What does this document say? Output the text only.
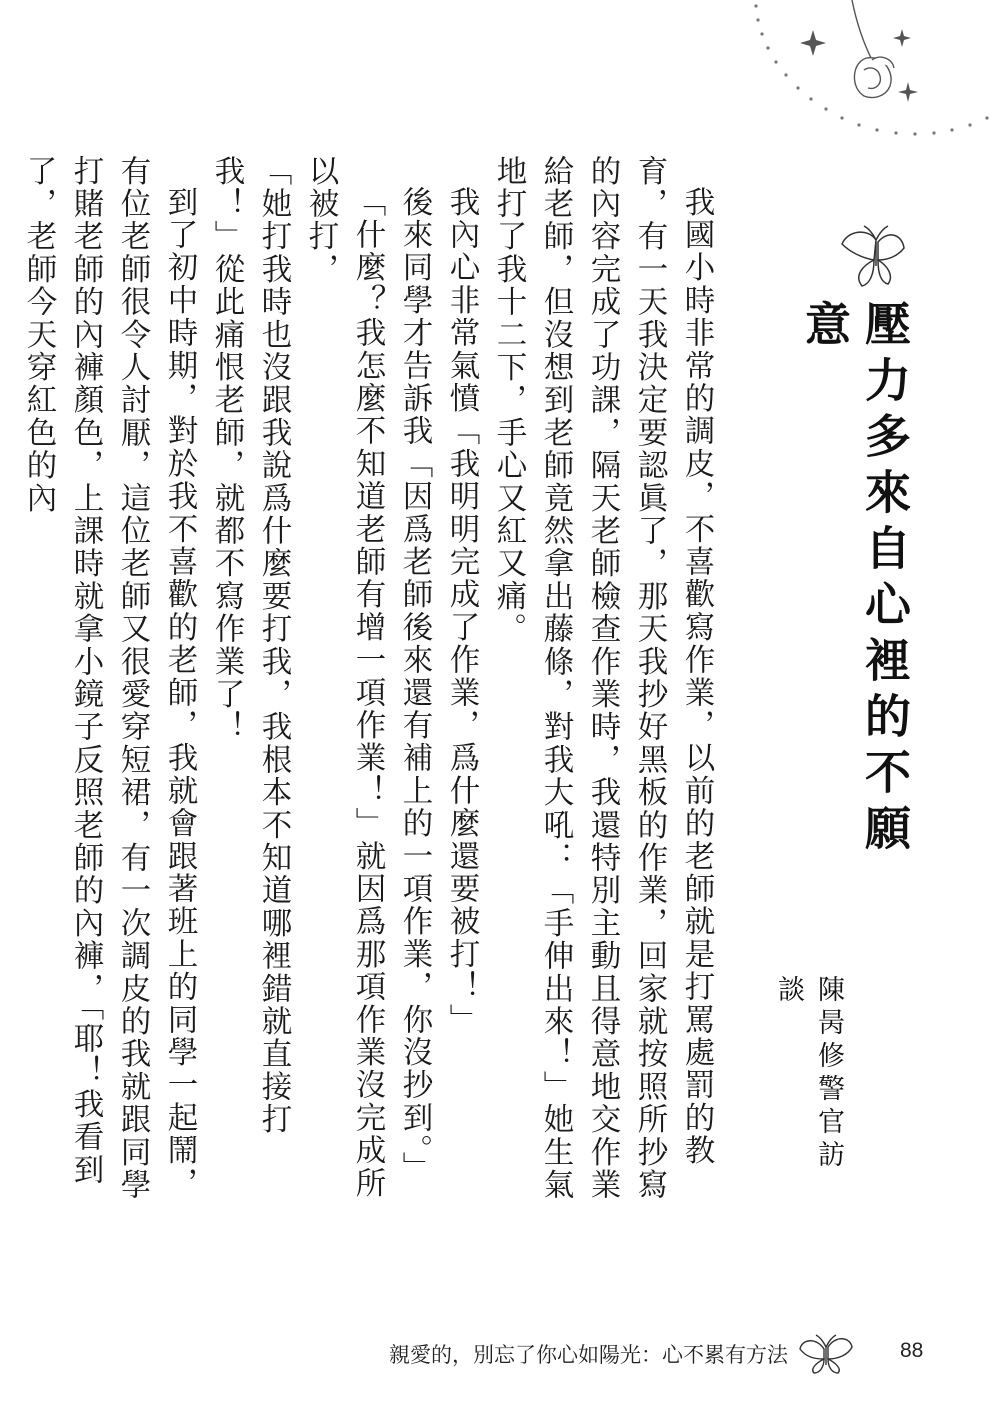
壓力多來自心裡的不願意
陳昺修警官訪談

我國小時非常的調皮，不喜歡寫作業，以前的老師就是打罵處罰的教育，有一天我決定要認眞了，那天我抄好黑板的作業，回家就按照所抄寫的內容完成了功課，隔天老師檢查作業時，我還特別主動且得意地交作業給老師，但沒想到老師竟然拿出藤條，對我大吼：「手伸出來！」她生氣地打了我十二下，手心又紅又痛。

我內心非常氣憤「我明明完成了作業，爲什麼還要被打！」

後來同學才告訴我「因爲老師後來還有補上的一項作業，你沒抄到。」

「什麼？我怎麼不知道老師有增一項作業！」就因爲那項作業沒完成所以被打，

「她打我時也沒跟我說爲什麼要打我，我根本不知道哪裡錯就直接打我！」從此痛恨老師，就都不寫作業了！

到了初中時期，對於我不喜歡的老師，我就會跟著班上的同學一起鬧，有位老師很令人討厭，這位老師又很愛穿短裙，有一次調皮的我就跟同學打賭老師的內褲顏色，上課時就拿小鏡子反照老師的內褲，「耶！我看到了，老師今天穿紅色的內

親愛的，別忘了你心如陽光：心不累有方法	88
